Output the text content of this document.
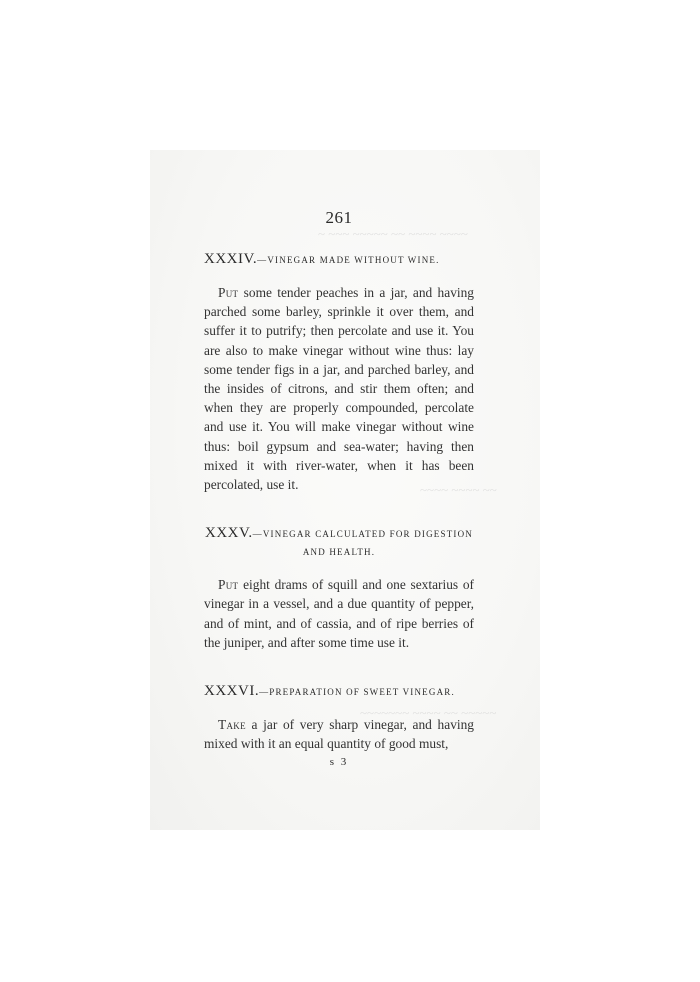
~ ~~~ ~~~~~ ~~ ~~~~ ~~~~
~~~~ ~~~~ ~~
~~~~~~~ ~~~~ ~~ ~~~~~
261
XXXIV.—VINEGAR MADE WITHOUT WINE.

Put some tender peaches in a jar, and having parched some barley, sprinkle it over them, and suffer it to putrify; then percolate and use it. You are also to make vinegar without wine thus: lay some tender figs in a jar, and parched barley, and the insides of citrons, and stir them often; and when they are properly compounded, percolate and use it. You will make vinegar without wine thus: boil gypsum and sea-water; having then mixed it with river-water, when it has been percolated, use it.

XXXV.—VINEGAR CALCULATED FOR DIGESTION AND HEALTH.

Put eight drams of squill and one sextarius of vinegar in a vessel, and a due quantity of pepper, and of mint, and of cassia, and of ripe berries of the juniper, and after some time use it.

XXXVI.—PREPARATION OF SWEET VINEGAR.

Take a jar of very sharp vinegar, and having mixed with it an equal quantity of good must,

s 3
